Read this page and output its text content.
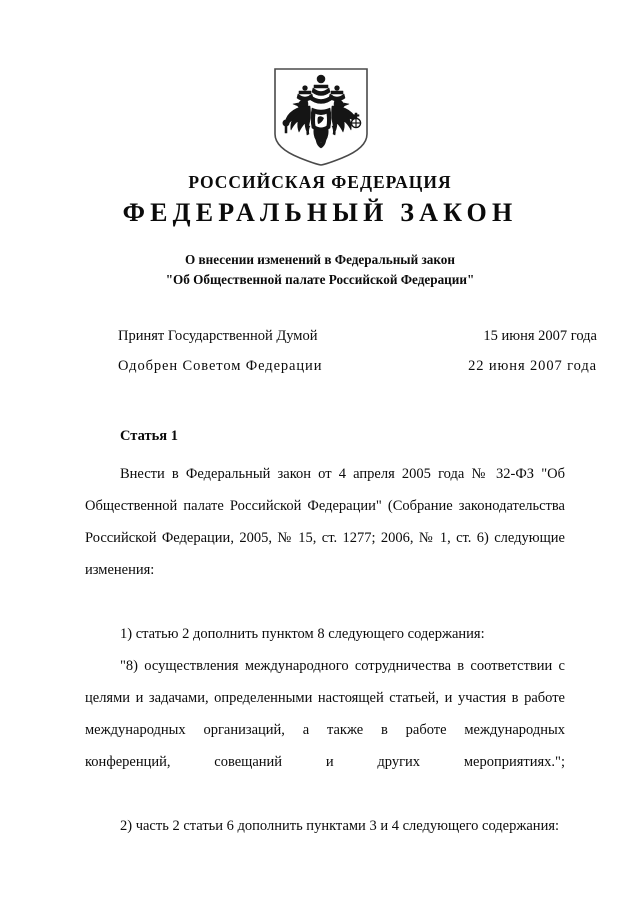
РОССИЙСКАЯ ФЕДЕРАЦИЯ
ФЕДЕРАЛЬНЫЙ ЗАКОН
О внесении изменений в Федеральный закон
"Об Общественной палате Российской Федерации"
Принят Государственной Думой	15 июня 2007 года
Одобрен Советом Федерации	22 июня 2007 года
Статья 1

Внести в Федеральный закон от 4 апреля 2005 года № 32-ФЗ "Об Общественной палате Российской Федерации" (Собрание законодательства Российской Федерации, 2005, № 15, ст. 1277; 2006, № 1, ст. 6) следующие изменения:

1) статью 2 дополнить пунктом 8 следующего содержания:

"8) осуществления международного сотрудничества в соответствии с целями и задачами, определенными настоящей статьей, и участия в работе международных организаций, а также в работе международных конференций, совещаний и других мероприятиях.";

2) часть 2 статьи 6 дополнить пунктами 3 и 4 следующего содержания:
